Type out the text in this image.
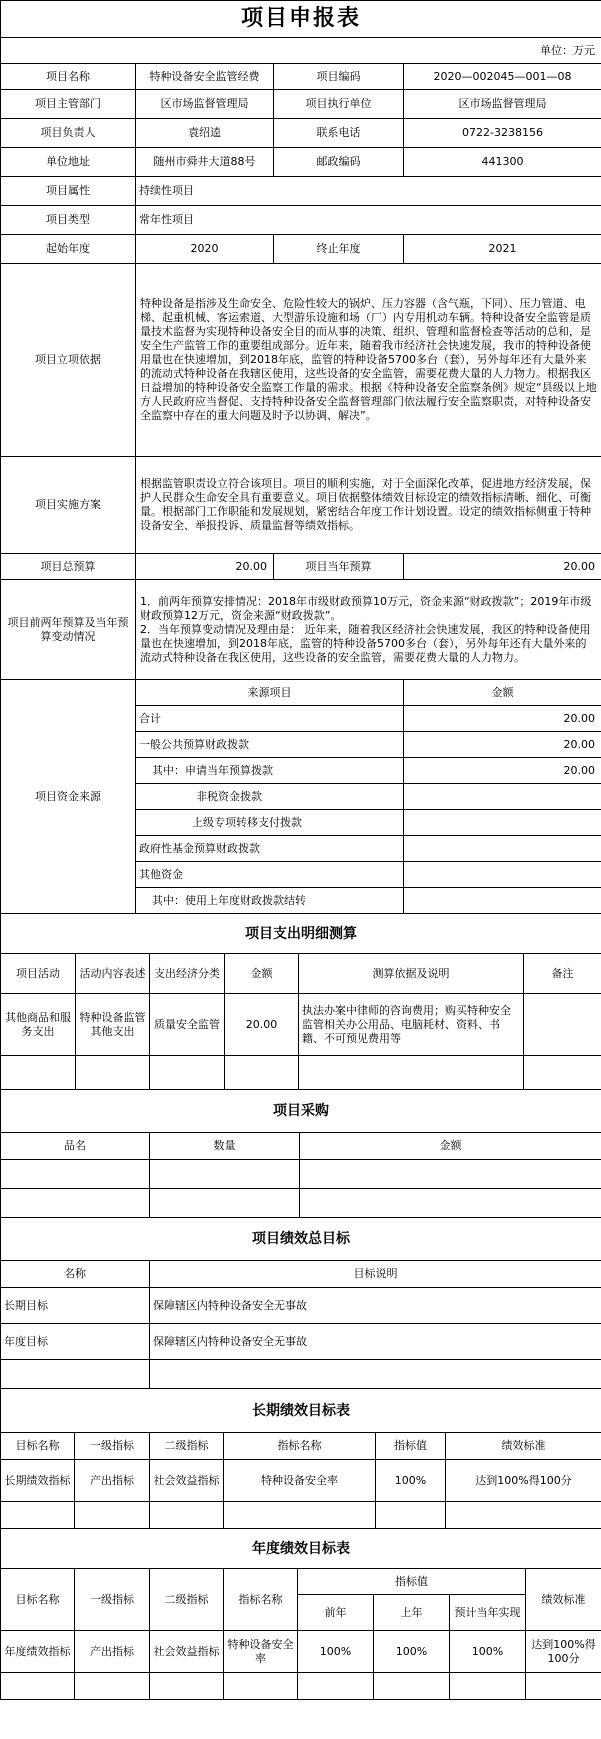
项目申报表			
单位：万元			
项目名称	特种设备安全监管经费	项目编码	2020—002045—001—08
项目主管部门	区市场监督管理局	项目执行单位	区市场监督管理局
项目负责人	袁绍逵	联系电话	0722-3238156
单位地址	随州市舜井大道88号	邮政编码	441300
项目属性	持续性项目		
项目类型	常年性项目		
起始年度	2020	终止年度	2021
项目立项依据	特种设备是指涉及生命安全、危险性较大的锅炉、压力容器（含气瓶，下同）、压力管道、电梯、起重机械、客运索道、大型游乐设施和场（厂）内专用机动车辆。特种设备安全监管是质量技术监督为实现特种设备安全目的而从事的决策、组织、管理和监督检查等活动的总和，是安全生产监管工作的重要组成部分。近年来，随着我市经济社会快速发展，我市的特种设备使用量也在快速增加，到2018年底，监管的特种设备5700多台（套），另外每年还有大量外来的流动式特种设备在我辖区使用，这些设备的安全监管，需要花费大量的人力物力。根据我区日益增加的特种设备安全监察工作量的需求。根据《特种设备安全监察条例》规定“县级以上地方人民政府应当督促、支持特种设备安全监督管理部门依法履行安全监察职责，对特种设备安全监察中存在的重大问题及时予以协调、解决”。		
项目实施方案	根据监管职责设立符合该项目。项目的顺利实施，对于全面深化改革，促进地方经济发展，保护人民群众生命安全具有重要意义。项目依据整体绩效目标设定的绩效指标清晰、细化、可衡量。根据部门工作职能和发展规划，紧密结合年度工作计划设置。设定的绩效指标侧重于特种设备安全、举报投诉、质量监督等绩效指标。		
项目总预算	20.00	项目当年预算	20.00
项目前两年预算及当年预算变动情况	1．前两年预算安排情况：2018年市级财政预算10万元，资金来源“财政拨款”；2019年市级财政预算12万元，资金来源“财政拨款”。
2．当年预算变动情况及理由是： 近年来，随着我区经济社会快速发展，我区的特种设备使用量也在快速增加，到2018年底，监管的特种设备5700多台（套），另外每年还有大量外来的流动式特种设备在我区使用，这些设备的安全监管，需要花费大量的人力物力。		
项目资金来源	来源项目	金额
	合计	20.00
	一般公共预算财政拨款	20.00
	其中：申请当年预算拨款	20.00
	非税资金拨款	
	上级专项转移支付拨款	
	政府性基金预算财政拨款	
	其他资金	
	其中：使用上年度财政拨款结转	
项目支出明细测算					
项目活动	活动内容表述	支出经济分类	金额	测算依据及说明	备注
其他商品和服务支出	特种设备监管其他支出	质量安全监管	20.00	执法办案中律师的咨询费用；购买特种安全监管相关办公用品、电脑耗材、资料、书籍、不可预见费用等	

项目采购		
品名	数量	金额

项目绩效总目标	
名称	目标说明
长期目标	保障辖区内特种设备安全无事故
年度目标	保障辖区内特种设备安全无事故

长期绩效目标表					
目标名称	一级指标	二级指标	指标名称	指标值	绩效标准
长期绩效指标	产出指标	社会效益指标	特种设备安全率	100%	达到100%得100分

年度绩效目标表							
目标名称	一级指标	二级指标	指标名称	指标值			绩效标准
				前年	上年	预计当年实现	
年度绩效指标	产出指标	社会效益指标	特种设备安全率	100%	100%	100%	达到100%得100分
